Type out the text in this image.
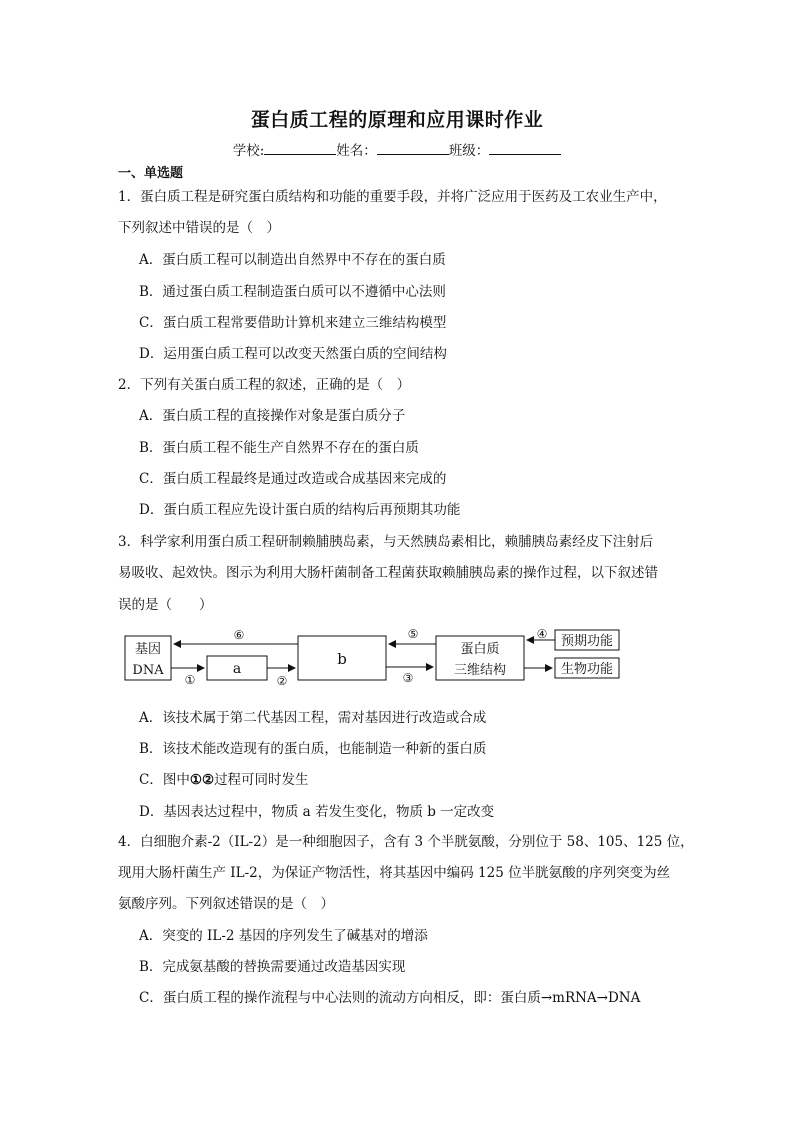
蛋白质工程的原理和应用课时作业
学校:	姓名：	班级：
一、单选题
1．蛋白质工程是研究蛋白质结构和功能的重要手段，并将广泛应用于医药及工农业生产中，
下列叙述中错误的是（　）
A．蛋白质工程可以制造出自然界中不存在的蛋白质
B．通过蛋白质工程制造蛋白质可以不遵循中心法则
C．蛋白质工程常要借助计算机来建立三维结构模型
D．运用蛋白质工程可以改变天然蛋白质的空间结构
2．下列有关蛋白质工程的叙述，正确的是（　）
A．蛋白质工程的直接操作对象是蛋白质分子
B．蛋白质工程不能生产自然界不存在的蛋白质
C．蛋白质工程最终是通过改造或合成基因来完成的
D．蛋白质工程应先设计蛋白质的结构后再预期其功能
3．科学家利用蛋白质工程研制赖脯胰岛素，与天然胰岛素相比，赖脯胰岛素经皮下注射后
易吸收、起效快。图示为利用大肠杆菌制备工程菌获取赖脯胰岛素的操作过程，以下叙述错
误的是（　　）
基因
DNA	a
b
蛋白质
三维结构
预期功能
生物功能
⑥
①	②
⑤
③
④
A．该技术属于第二代基因工程，需对基因进行改造或合成
B．该技术能改造现有的蛋白质，也能制造一种新的蛋白质
C．图中①②过程可同时发生
D．基因表达过程中，物质 a 若发生变化，物质 b 一定改变
4．白细胞介素-2（IL-2）是一种细胞因子，含有 3 个半胱氨酸，分别位于 58、105、125 位，
现用大肠杆菌生产 IL-2，为保证产物活性，将其基因中编码 125 位半胱氨酸的序列突变为丝
氨酸序列。下列叙述错误的是（　）
A．突变的 IL-2 基因的序列发生了碱基对的增添
B．完成氨基酸的替换需要通过改造基因实现
C．蛋白质工程的操作流程与中心法则的流动方向相反，即：蛋白质→mRNA→DNA
